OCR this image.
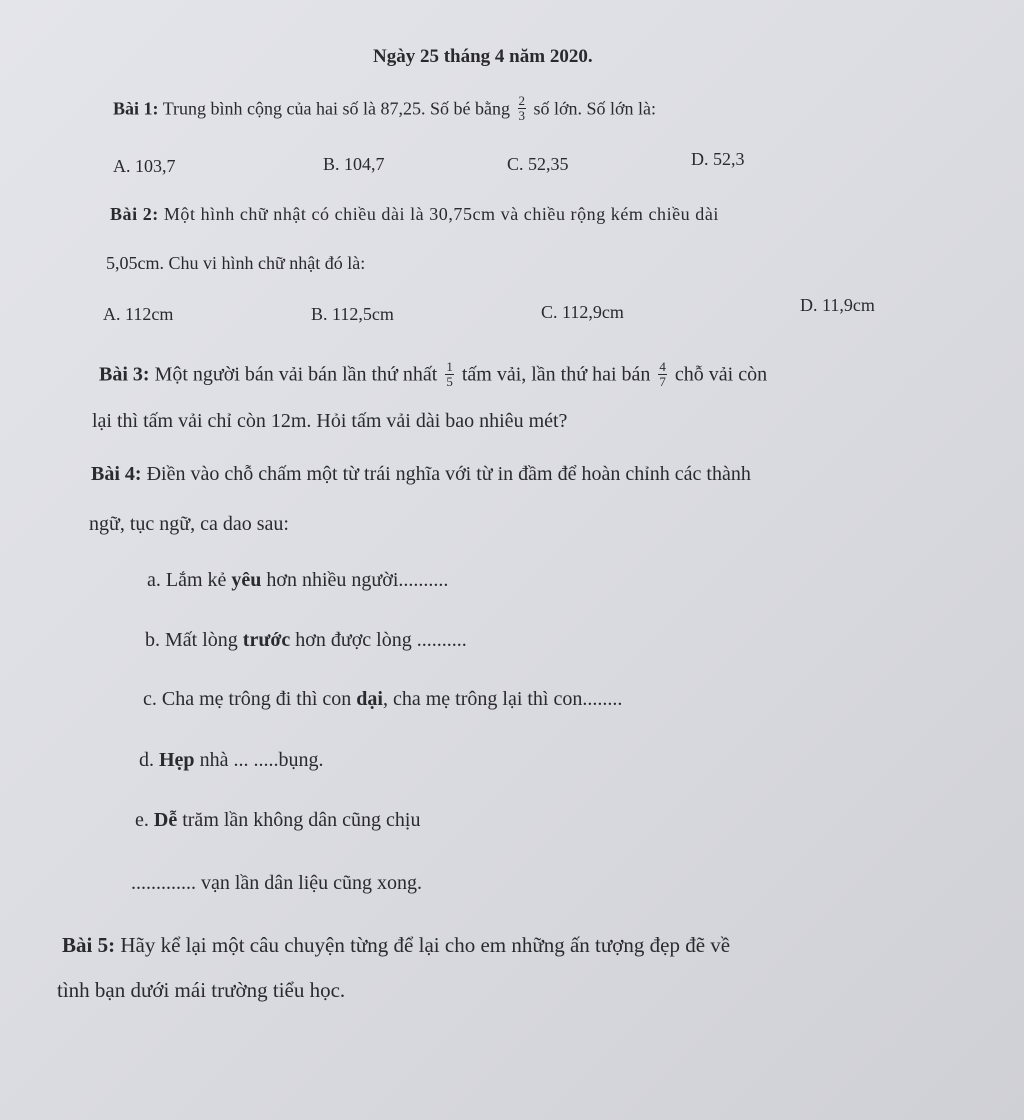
Ngày 25 tháng 4 năm 2020.
Bài 1: Trung bình cộng của hai số là 87,25. Số bé bằng $\frac{2}{3}$ số lớn. Số lớn là:
A. 103,7	B. 104,7	C. 52,35	D. 52,3
Bài 2: Một hình chữ nhật có chiều dài là 30,75cm và chiều rộng kém chiều dài
5,05cm. Chu vi hình chữ nhật đó là:
A. 112cm	B. 112,5cm	C. 112,9cm	D. 11,9cm
Bài 3: Một người bán vải bán lần thứ nhất $\frac{1}{5}$ tấm vải, lần thứ hai bán $\frac{4}{7}$ chỗ vải còn
lại thì tấm vải chỉ còn 12m. Hỏi tấm vải dài bao nhiêu mét?
Bài 4: Điền vào chỗ chấm một từ trái nghĩa với từ in đầm để hoàn chỉnh các thành
ngữ, tục ngữ, ca dao sau:
a. Lắm kẻ yêu hơn nhiều người..........
b. Mất lòng trước hơn được lòng ..........
c. Cha mẹ trông đi thì con dại, cha mẹ trông lại thì con........
d. Hẹp nhà ... .....bụng.
e. Dễ trăm lần không dân cũng chịu
............. vạn lần dân liệu cũng xong.
Bài 5: Hãy kể lại một câu chuyện từng để lại cho em những ấn tượng đẹp đẽ về
tình bạn dưới mái trường tiểu học.
